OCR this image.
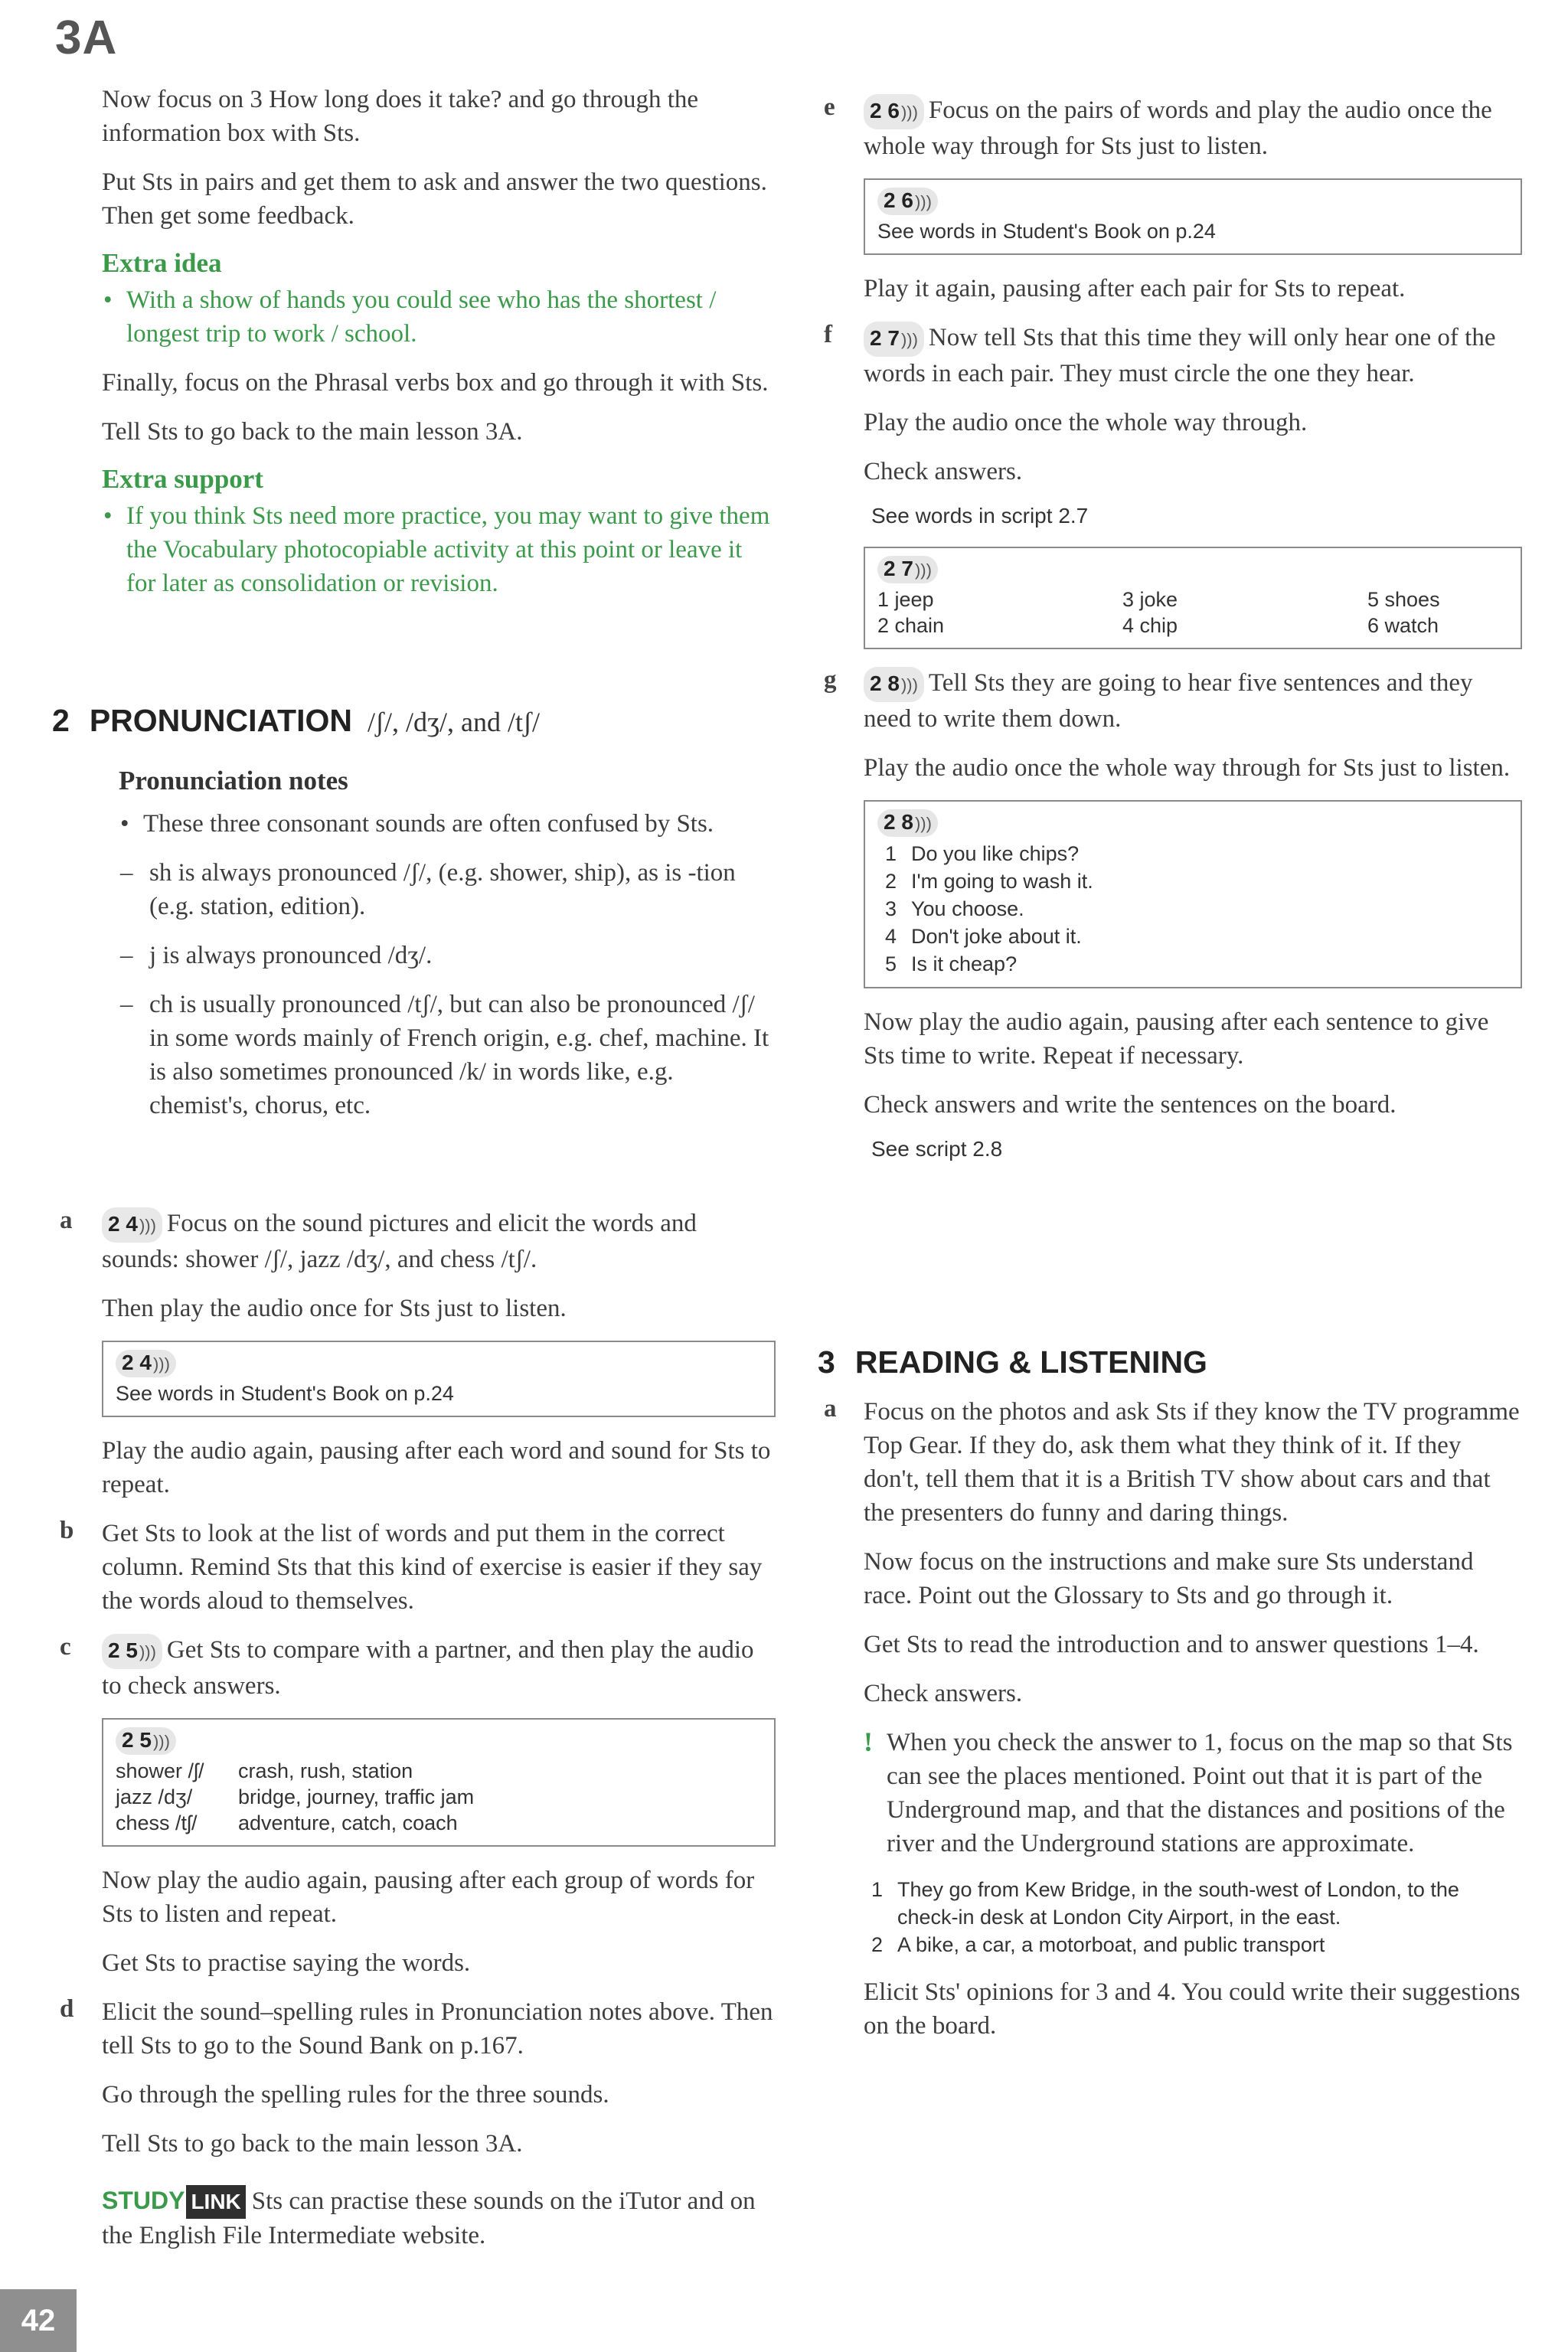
3A

Now focus on 3 How long does it take? and go through the information box with Sts.

Put Sts in pairs and get them to ask and answer the two questions. Then get some feedback.

Extra idea
• With a show of hands you could see who has the shortest / longest trip to work / school.

Finally, focus on the Phrasal verbs box and go through it with Sts.

Tell Sts to go back to the main lesson 3A.

Extra support
• If you think Sts need more practice, you may want to give them the Vocabulary photocopiable activity at this point or leave it for later as consolidation or revision.
2 PRONUNCIATION /ʃ/, /dʒ/, and /tʃ/
Pronunciation notes
• These three consonant sounds are often confused by Sts.
– sh is always pronounced /ʃ/, (e.g. shower, ship), as is -tion (e.g. station, edition).
– j is always pronounced /dʒ/.
– ch is usually pronounced /tʃ/, but can also be pronounced /ʃ/ in some words mainly of French origin, e.g. chef, machine. It is also sometimes pronounced /k/ in words like, e.g. chemist's, chorus, etc.
a	2 4))) Focus on the sound pictures and elicit the words and sounds: shower /ʃ/, jazz /dʒ/, and chess /tʃ/.

Then play the audio once for Sts just to listen.

2 4)))
See words in Student's Book on p.24

Play the audio again, pausing after each word and sound for Sts to repeat.

b	Get Sts to look at the list of words and put them in the correct column. Remind Sts that this kind of exercise is easier if they say the words aloud to themselves.

c	2 5))) Get Sts to compare with a partner, and then play the audio to check answers.

2 5)))
shower /ʃ/	crash, rush, station
jazz /dʒ/	bridge, journey, traffic jam
chess /tʃ/	adventure, catch, coach

Now play the audio again, pausing after each group of words for Sts to listen and repeat.

Get Sts to practise saying the words.

d	Elicit the sound–spelling rules in Pronunciation notes above. Then tell Sts to go to the Sound Bank on p.167.

Go through the spelling rules for the three sounds.

Tell Sts to go back to the main lesson 3A.

STUDY LINK Sts can practise these sounds on the iTutor and on the English File Intermediate website.

e	2 6))) Focus on the pairs of words and play the audio once the whole way through for Sts just to listen.

2 6)))
See words in Student's Book on p.24

Play it again, pausing after each pair for Sts to repeat.

f	2 7))) Now tell Sts that this time they will only hear one of the words in each pair. They must circle the one they hear.

Play the audio once the whole way through.

Check answers.

See words in script 2.7
2 7)))
1 jeep	3 joke	5 shoes
2 chain	4 chip	6 watch
g	2 8))) Tell Sts they are going to hear five sentences and they need to write them down.

Play the audio once the whole way through for Sts just to listen.

2 8)))
1 Do you like chips?
2 I'm going to wash it.
3 You choose.
4 Don't joke about it.
5 Is it cheap?

Now play the audio again, pausing after each sentence to give Sts time to write. Repeat if necessary.

Check answers and write the sentences on the board.

See script 2.8
3 READING & LISTENING
a	Focus on the photos and ask Sts if they know the TV programme Top Gear. If they do, ask them what they think of it. If they don't, tell them that it is a British TV show about cars and that the presenters do funny and daring things.

Now focus on the instructions and make sure Sts understand race. Point out the Glossary to Sts and go through it.

Get Sts to read the introduction and to answer questions 1–4.

Check answers.

! When you check the answer to 1, focus on the map so that Sts can see the places mentioned. Point out that it is part of the Underground map, and that the distances and positions of the river and the Underground stations are approximate.

1 They go from Kew Bridge, in the south-west of London, to the check-in desk at London City Airport, in the east.
2 A bike, a car, a motorboat, and public transport

Elicit Sts' opinions for 3 and 4. You could write their suggestions on the board.

42
